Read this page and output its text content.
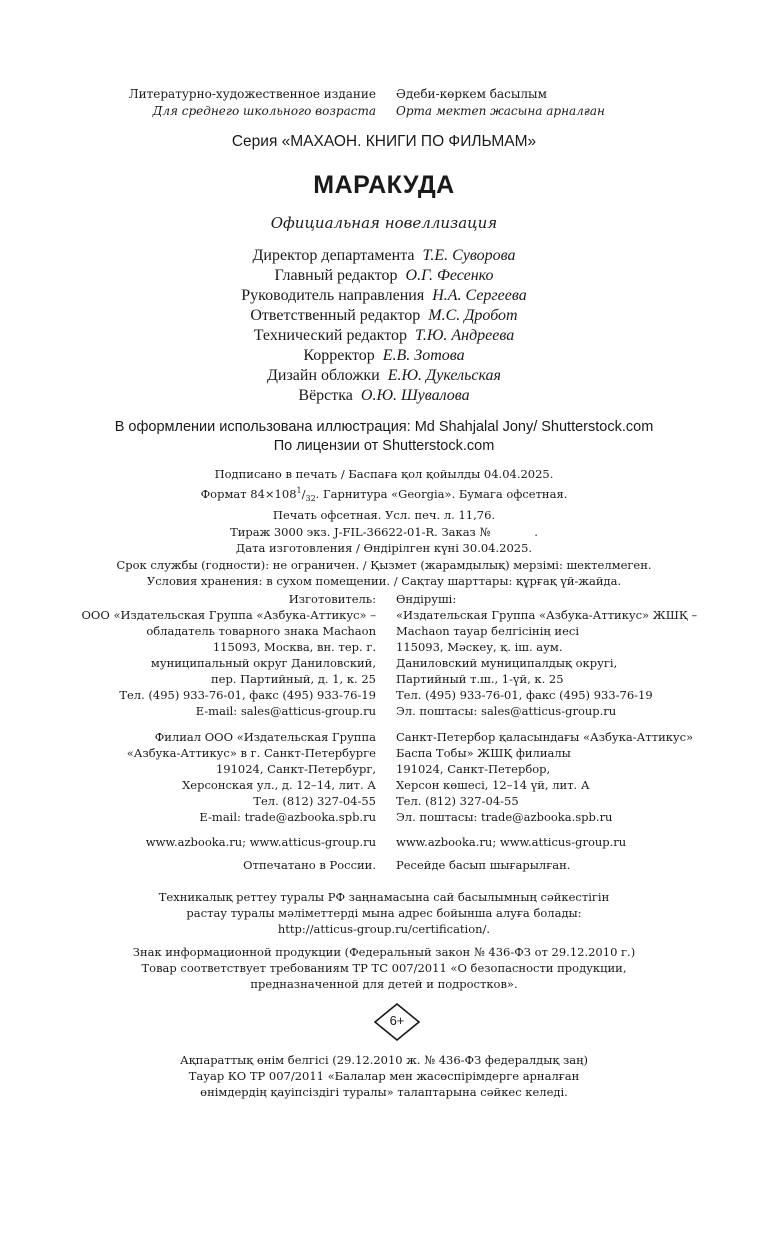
Литературно-художественное издание
Для среднего школьного возраста
Әдеби-көркем басылым
Орта мектеп жасына арналған
Серия «МАХАОН. КНИГИ ПО ФИЛЬМАМ»
МАРАКУДА
Официальная новеллизация
Директор департамента Т.Е. Суворова
Главный редактор О.Г. Фесенко
Руководитель направления Н.А. Сергеева
Ответственный редактор М.С. Дробот
Технический редактор Т.Ю. Андреева
Корректор Е.В. Зотова
Дизайн обложки Е.Ю. Дукельская
Вёрстка О.Ю. Шувалова
В оформлении использована иллюстрация: Md Shahjalal Jony/ Shutterstock.com
По лицензии от Shutterstock.com
Подписано в печать / Баспаға қол қойылды 04.04.2025.
Формат $84\times 108^1/_{32}$. Гарнитура «Georgia». Бумага офсетная.
Печать офсетная. Усл. печ. л. 11,76.
Тираж 3000 экз. J-FIL-36622-01-R. Заказ №            .
Дата изготовления / Өндірілген күні 30.04.2025.
Срок службы (годности): не ограничен. / Қызмет (жарамдылық) мерзімі: шектелмеген.
Условия хранения: в сухом помещении. / Сақтау шарттары: құрғақ үй-жайда.
Изготовитель:
ООО «Издательская Группа «Азбука-Аттикус» –
обладатель товарного знака Machaon
115093, Москва, вн. тер. г.
муниципальный округ Даниловский,
пер. Партийный, д. 1, к. 25
Тел. (495) 933-76-01, факс (495) 933-76-19
E-mail: sales@atticus-group.ru
Өндіруші:
«Издательская Группа «Азбука-Аттикус» ЖШҚ –
Machaon тауар белгісінің иесі
115093, Мәскеу, қ. іш. аум.
Даниловский муниципалдық округі,
Партийный т.ш., 1-үй, к. 25
Тел. (495) 933-76-01, факс (495) 933-76-19
Эл. поштасы: sales@atticus-group.ru
Филиал ООО «Издательская Группа
«Азбука-Аттикус» в г. Санкт-Петербурге
191024, Санкт-Петербург,
Херсонская ул., д. 12–14, лит. А
Тел. (812) 327-04-55
E-mail: trade@azbooka.spb.ru
Санкт-Петербор қаласындағы «Азбука-Аттикус»
Баспа Тобы» ЖШҚ филиалы
191024, Санкт-Петербор,
Херсон көшесі, 12–14 үй, лит. А
Тел. (812) 327-04-55
Эл. поштасы: trade@azbooka.spb.ru
www.azbooka.ru; www.atticus-group.ru	www.azbooka.ru; www.atticus-group.ru
Отпечатано в России.	Ресейде басып шығарылған.
Техникалық реттеу туралы РФ заңнамасына сай басылымның сәйкестігін
растау туралы мәліметтерді мына адрес бойынша алуға болады:
http://atticus-group.ru/certification/.
Знак информационной продукции (Федеральный закон № 436-ФЗ от 29.12.2010 г.)
Товар соответствует требованиям ТР ТС 007/2011 «О безопасности продукции,
предназначенной для детей и подростков».
6+
Ақпараттық өнім белгісі (29.12.2010 ж. № 436-ФЗ федералдық заң)
Тауар КО ТР 007/2011 «Балалар мен жасөспірімдерге арналған
өнімдердің қауіпсіздігі туралы» талаптарына сәйкес келеді.
